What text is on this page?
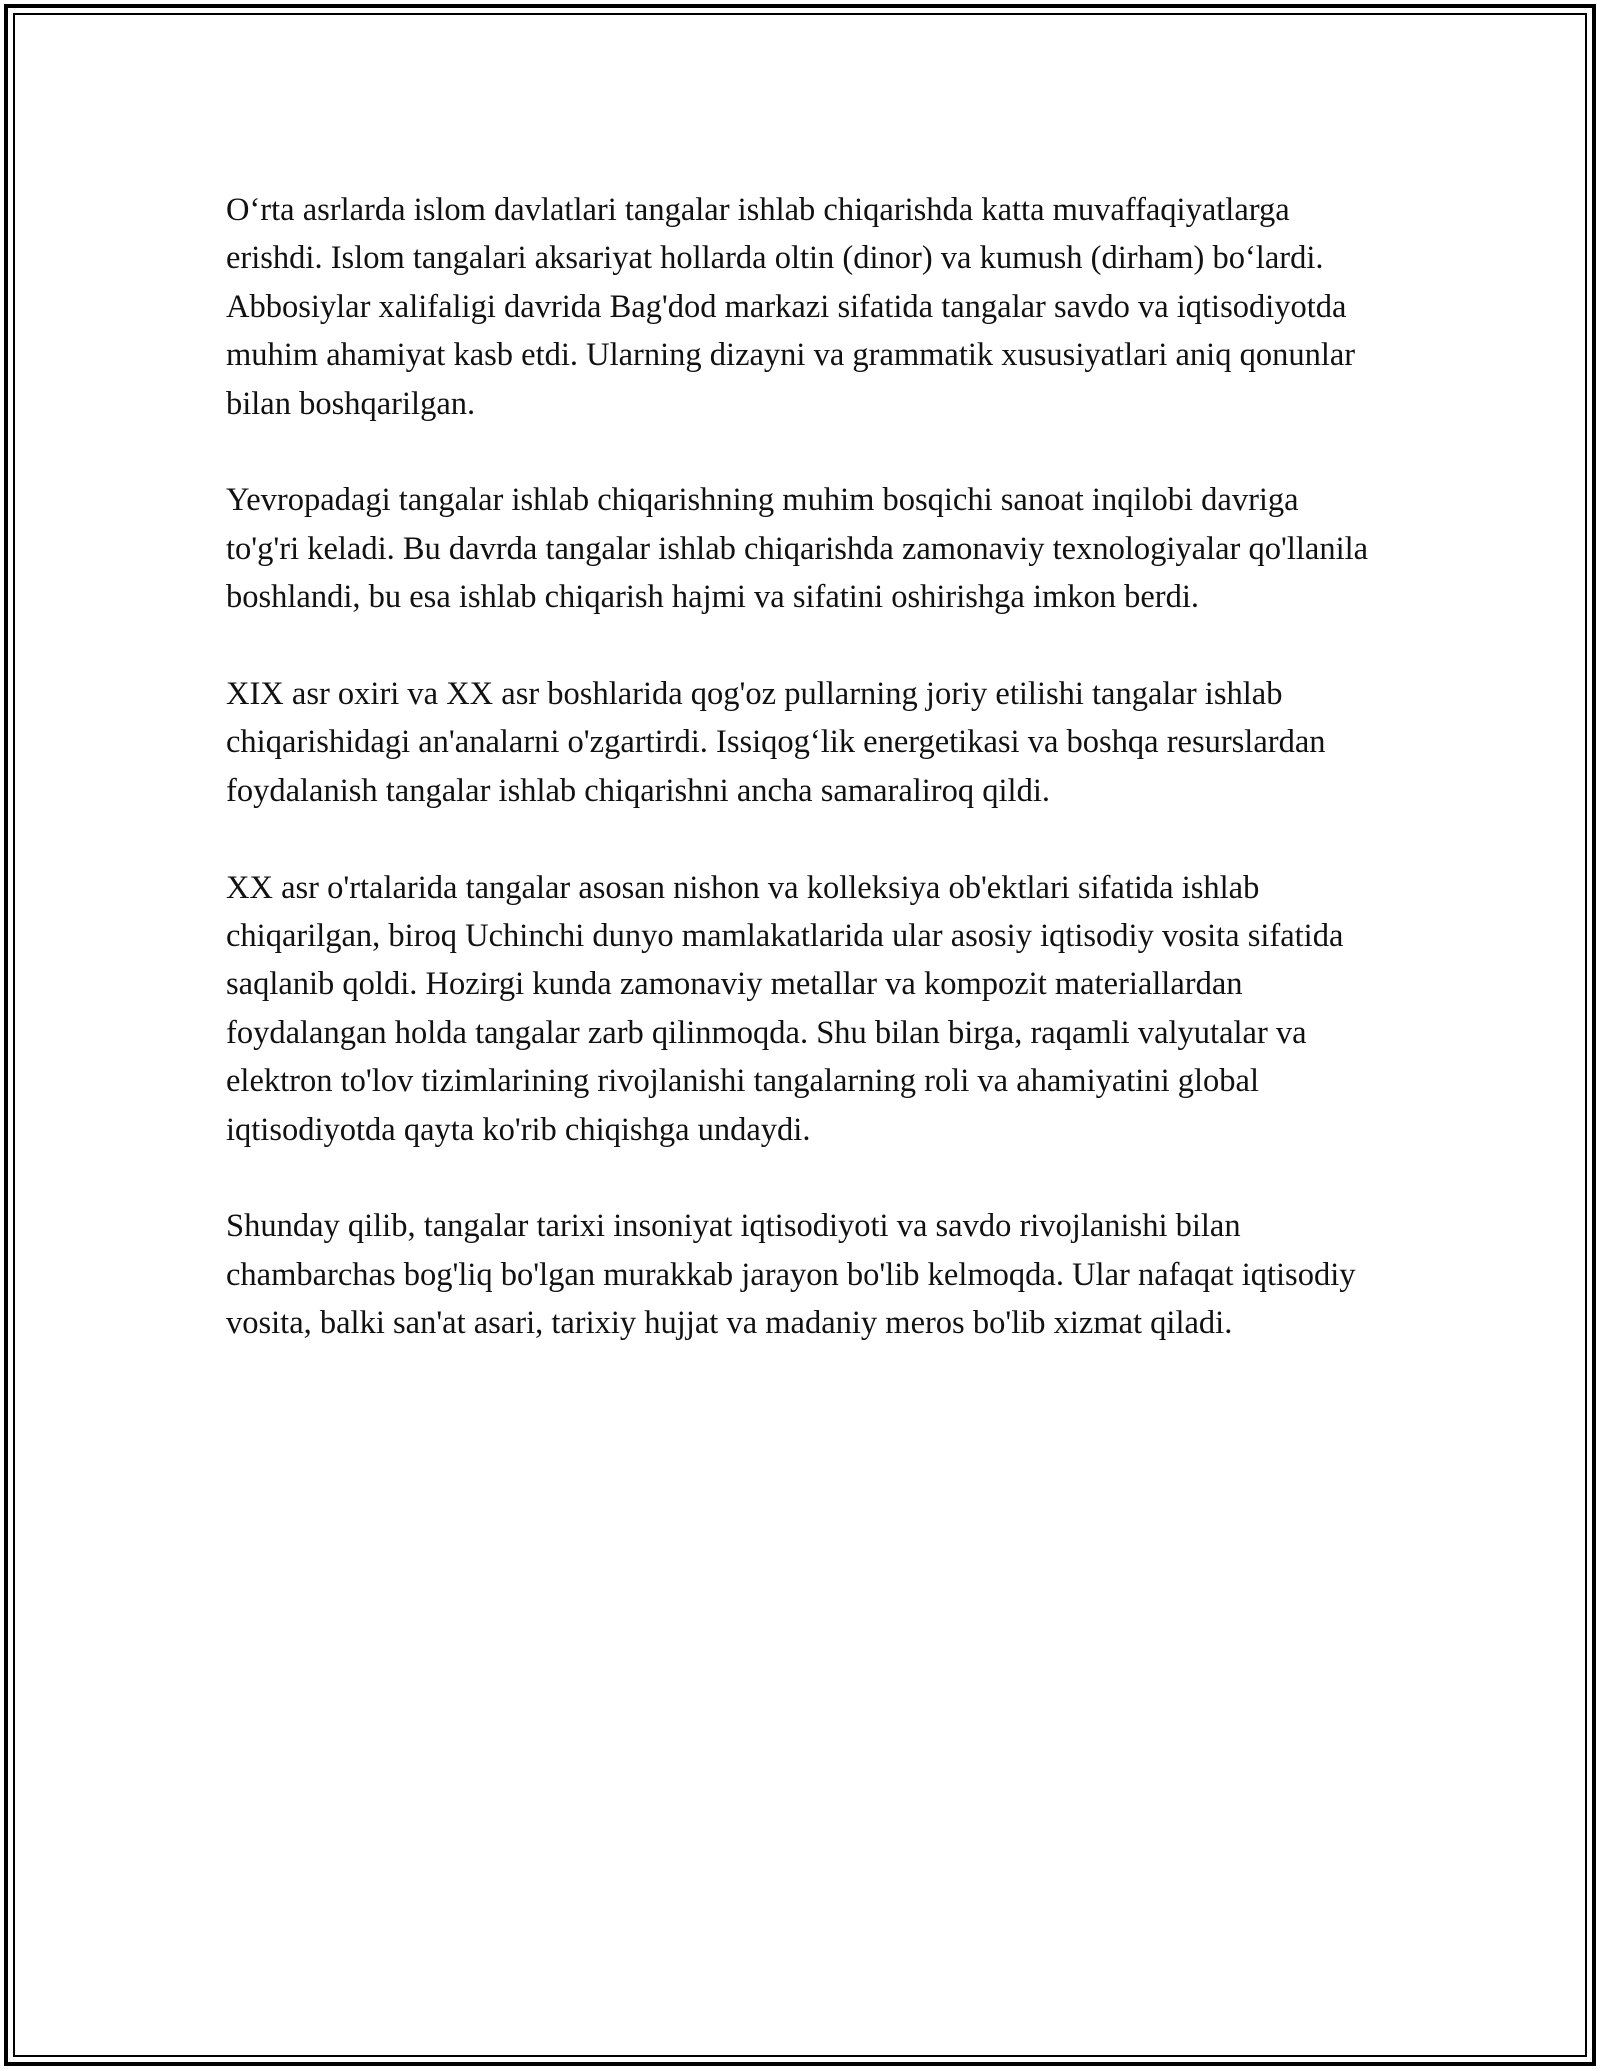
O‘rta asrlarda islom davlatlari tangalar ishlab chiqarishda katta muvaffaqiyatlarga erishdi. Islom tangalari aksariyat hollarda oltin (dinor) va kumush (dirham) bo‘lardi. Abbosiylar xalifaligi davrida Bag'dod markazi sifatida tangalar savdo va iqtisodiyotda muhim ahamiyat kasb etdi. Ularning dizayni va grammatik xususiyatlari aniq qonunlar bilan boshqarilgan.

Yevropadagi tangalar ishlab chiqarishning muhim bosqichi sanoat inqilobi davriga to'g'ri keladi. Bu davrda tangalar ishlab chiqarishda zamonaviy texnologiyalar qo'llanila boshlandi, bu esa ishlab chiqarish hajmi va sifatini oshirishga imkon berdi.

XIX asr oxiri va XX asr boshlarida qog'oz pullarning joriy etilishi tangalar ishlab chiqarishidagi an'analarni o'zgartirdi. Issiqog‘lik energetikasi va boshqa resurslardan foydalanish tangalar ishlab chiqarishni ancha samaraliroq qildi.

XX asr o'rtalarida tangalar asosan nishon va kolleksiya ob'ektlari sifatida ishlab chiqarilgan, biroq Uchinchi dunyo mamlakatlarida ular asosiy iqtisodiy vosita sifatida saqlanib qoldi. Hozirgi kunda zamonaviy metallar va kompozit materiallardan foydalangan holda tangalar zarb qilinmoqda. Shu bilan birga, raqamli valyutalar va elektron to'lov tizimlarining rivojlanishi tangalarning roli va ahamiyatini global iqtisodiyotda qayta ko'rib chiqishga undaydi.

Shunday qilib, tangalar tarixi insoniyat iqtisodiyoti va savdo rivojlanishi bilan chambarchas bog'liq bo'lgan murakkab jarayon bo'lib kelmoqda. Ular nafaqat iqtisodiy vosita, balki san'at asari, tarixiy hujjat va madaniy meros bo'lib xizmat qiladi.
